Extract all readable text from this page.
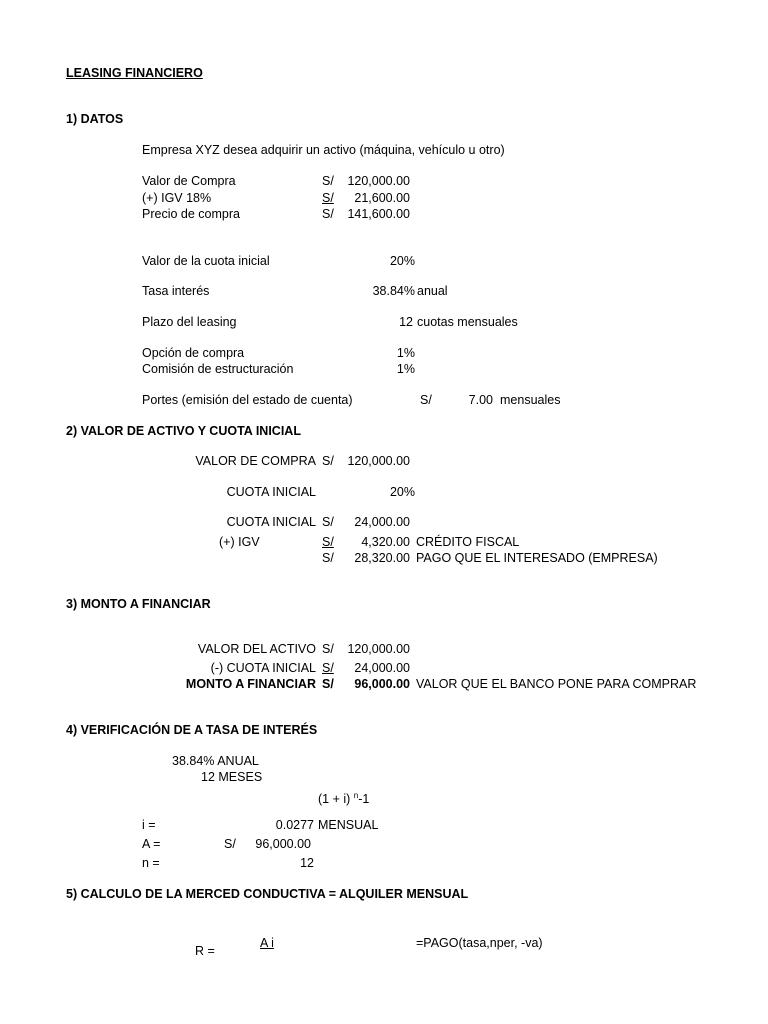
LEASING FINANCIERO
1) DATOS
Empresa XYZ desea adquirir un activo (máquina, vehículo u otro)
Valor de Compra	S/	120,000.00
(+) IGV 18%	S/	21,600.00
Precio de compra	S/	141,600.00
Valor de la cuota inicial	20%
Tasa interés	38.84% anual
Plazo del leasing	12 cuotas mensuales
Opción de compra	1%
Comisión de estructuración	1%
Portes (emisión del estado de cuenta)	S/	7.00 mensuales
2) VALOR DE ACTIVO Y CUOTA INICIAL
VALOR DE COMPRA S/	120,000.00
CUOTA INICIAL	20%
CUOTA INICIAL S/	24,000.00
(+) IGV	S/	4,320.00 CRÉDITO FISCAL
S/	28,320.00 PAGO QUE EL INTERESADO (EMPRESA)
3) MONTO A FINANCIAR
VALOR DEL ACTIVO S/	120,000.00
(-) CUOTA INICIAL S/	24,000.00
MONTO A FINANCIAR S/	96,000.00 VALOR QUE EL BANCO PONE PARA COMPRAR
4) VERIFICACIÓN DE A TASA DE INTERÉS
38.84% ANUAL
12 MESES
(1 + i) $^n$-1
i =	0.0277 MENSUAL
A =	S/	96,000.00
n =	12
5) CALCULO DE LA MERCED CONDUCTIVA = ALQUILER MENSUAL
A i	=PAGO(tasa,nper, -va)
R =
